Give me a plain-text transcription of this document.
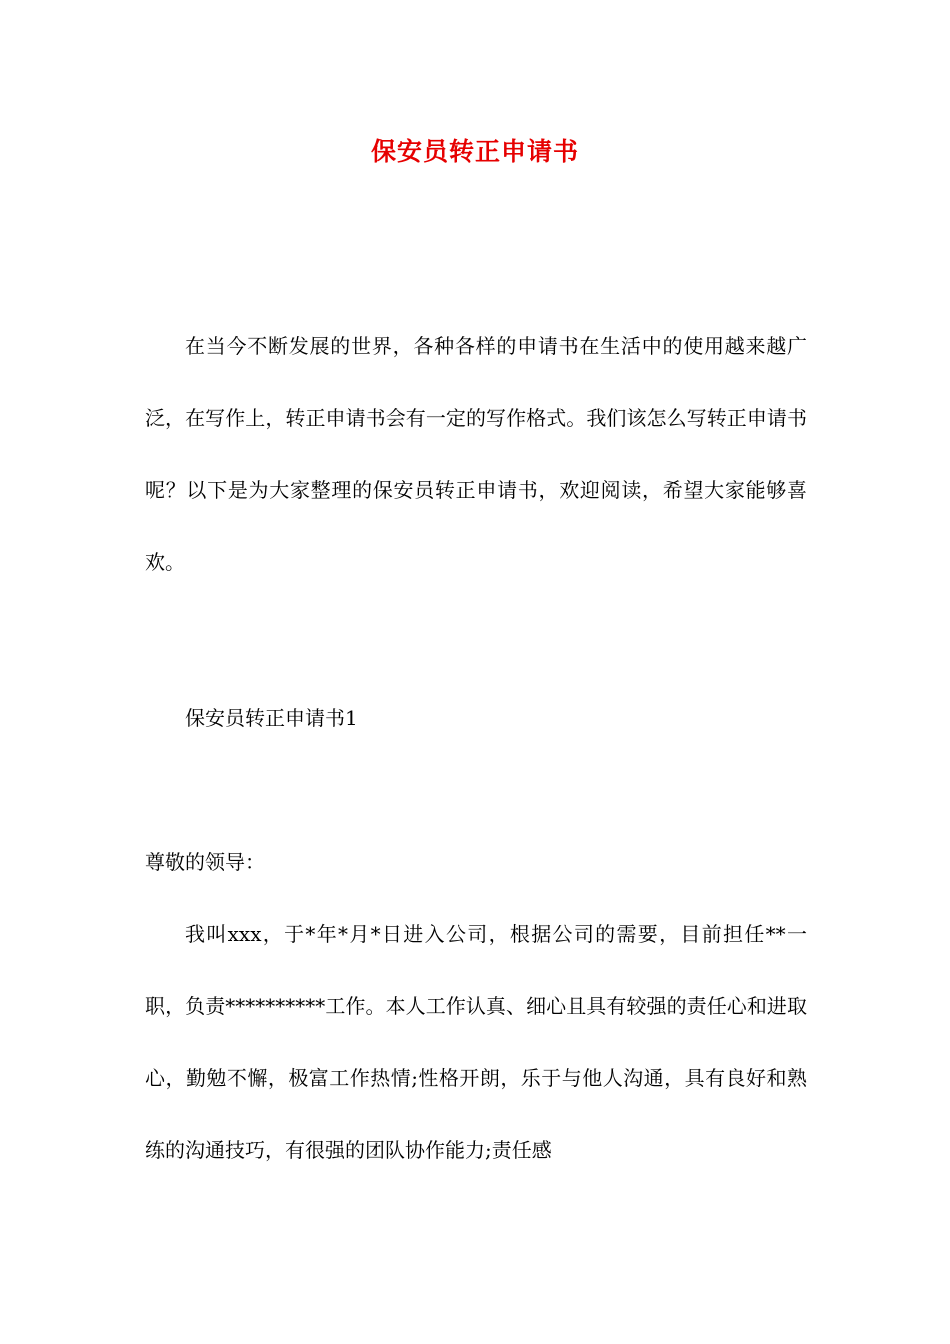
保安员转正申请书

在当今不断发展的世界，各种各样的申请书在生活中的使用越来越广泛，在写作上，转正申请书会有一定的写作格式。我们该怎么写转正申请书呢？以下是为大家整理的保安员转正申请书，欢迎阅读，希望大家能够喜欢。

保安员转正申请书1

尊敬的领导：

我叫xxx，于*年*月*日进入公司，根据公司的需要，目前担任**一职，负责**********工作。本人工作认真、细心且具有较强的责任心和进取心，勤勉不懈，极富工作热情;性格开朗，乐于与他人沟通，具有良好和熟练的沟通技巧，有很强的团队协作能力;责任感
